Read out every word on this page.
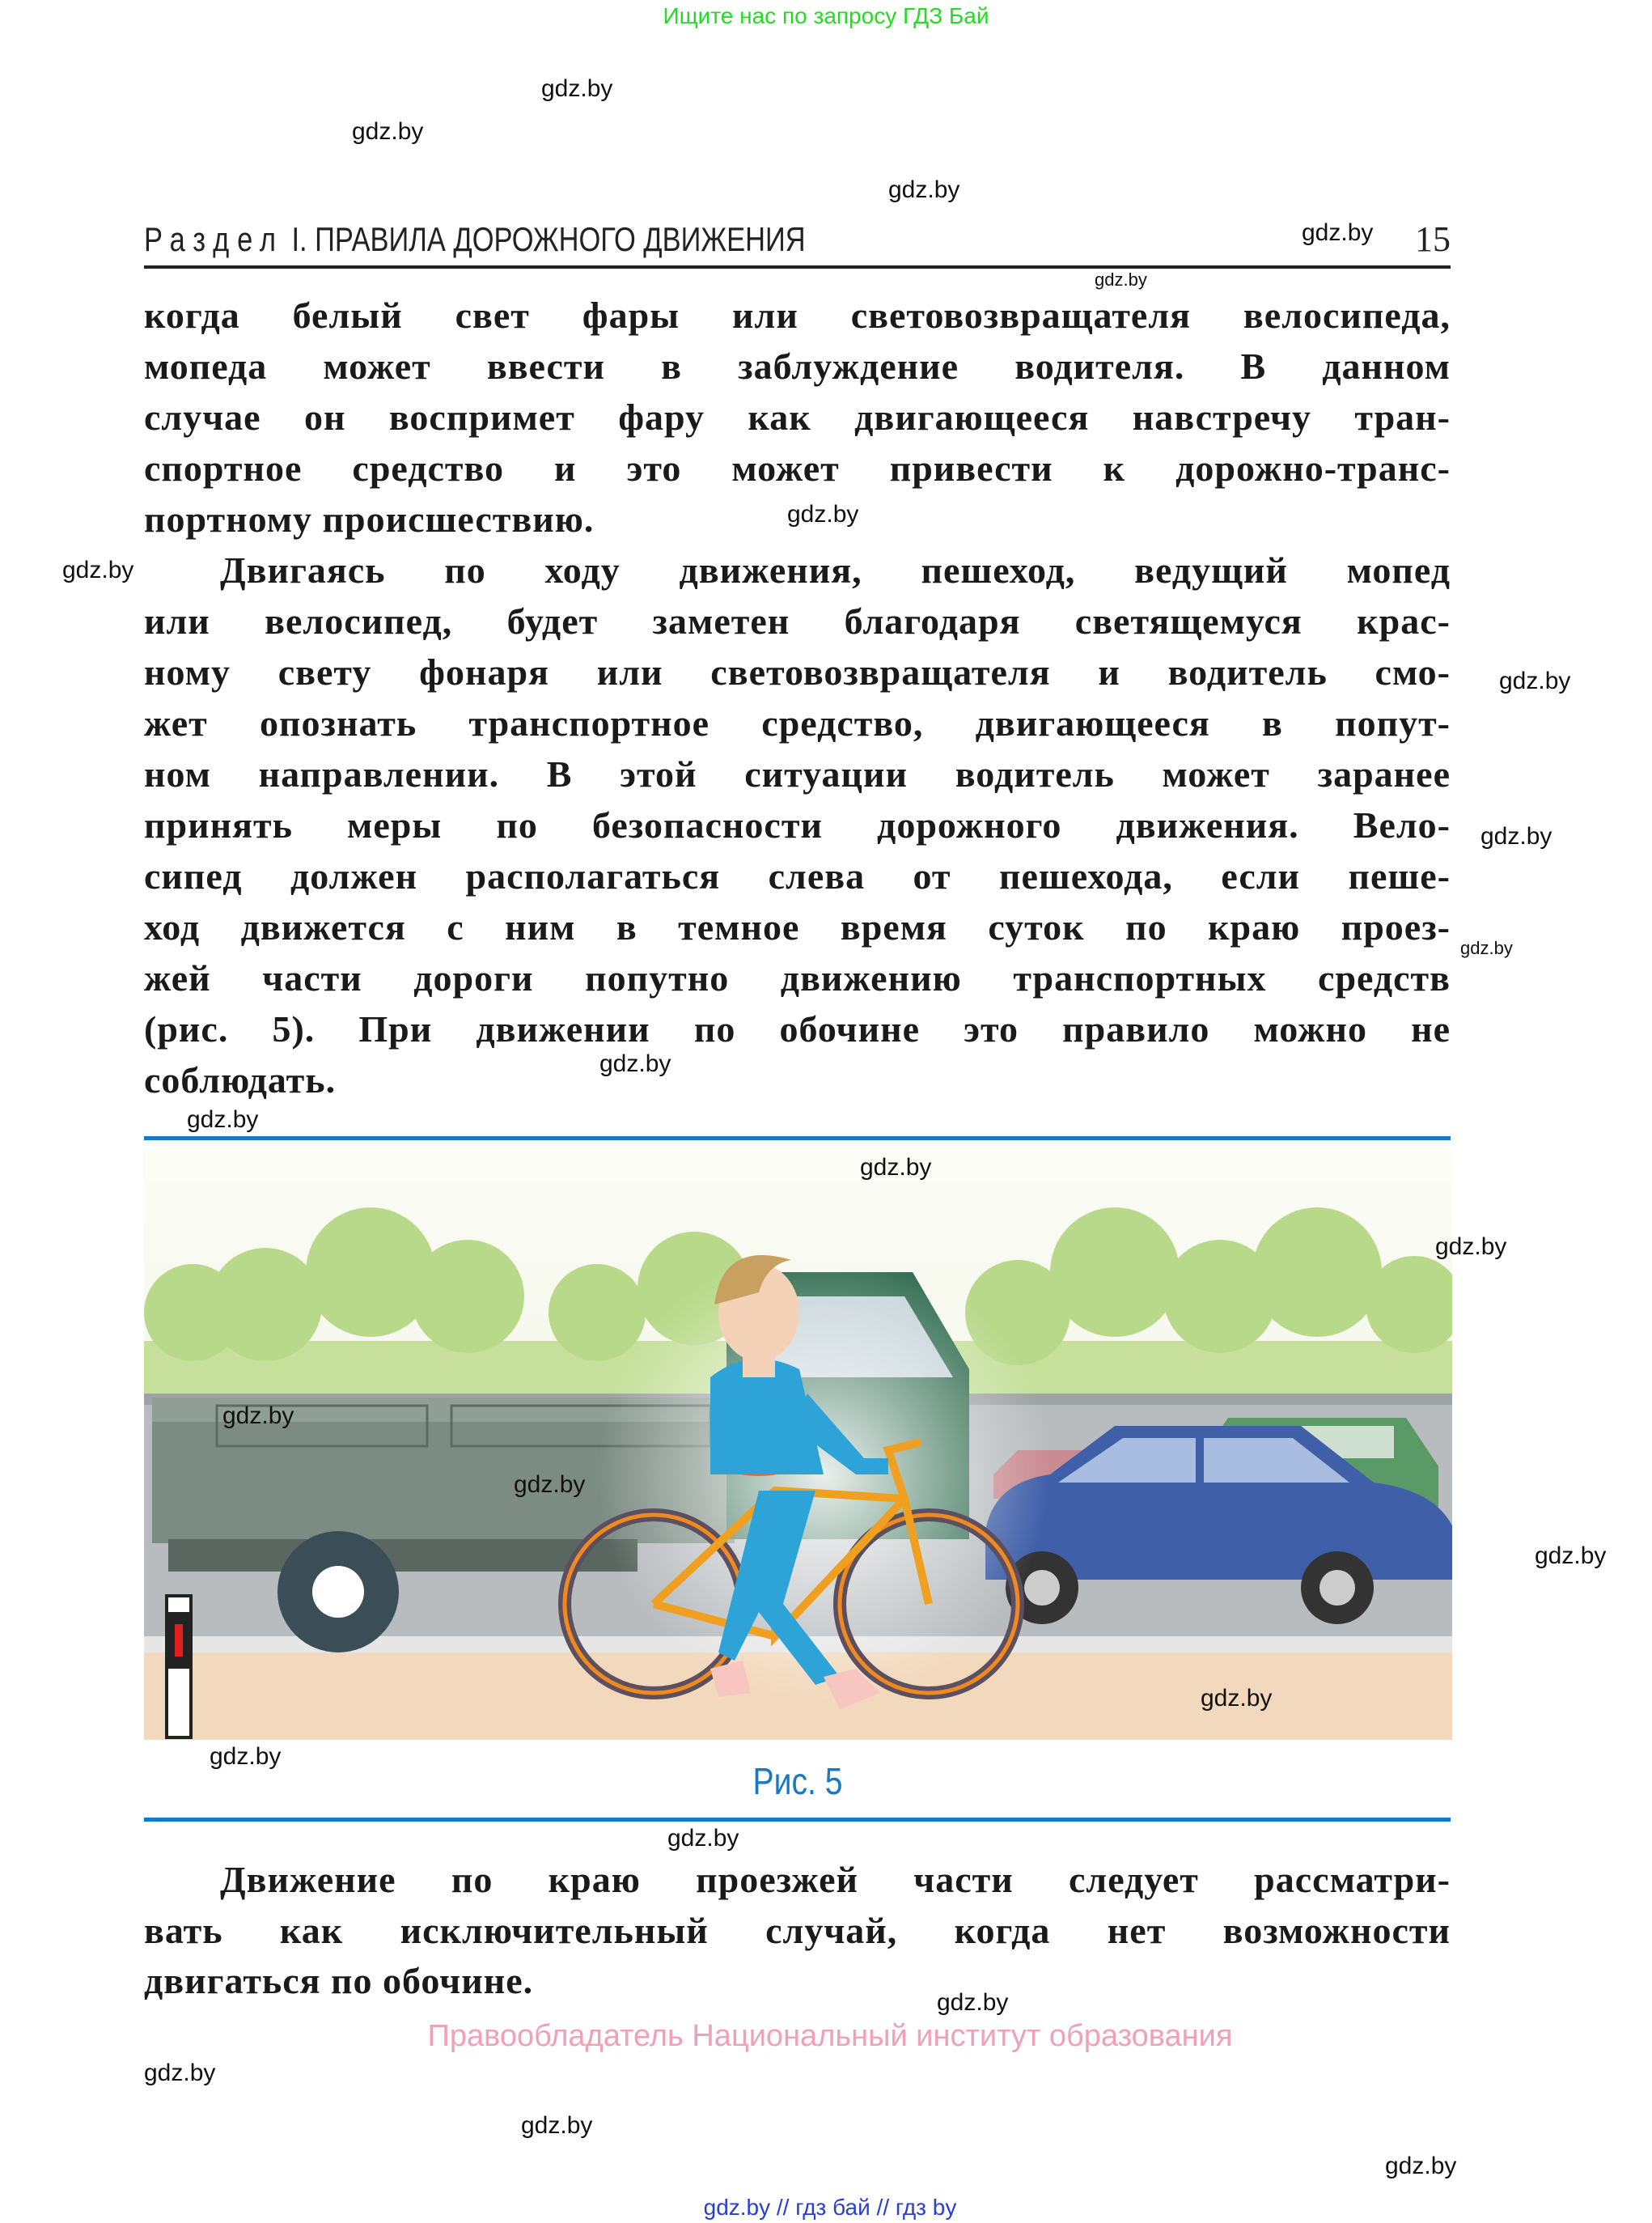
Ищите нас по запросу ГДЗ Бай
Раздел I. ПРАВИЛА ДОРОЖНОГО ДВИЖЕНИЯ	15
когда белый свет фары или световозвращателя велосипеда,
мопеда может ввести в заблуждение водителя. В данном
случае он воспримет фару как двигающееся навстречу тран-
спортное средство и это может привести к дорожно-транс-
портному происшествию.
Двигаясь по ходу движения, пешеход, ведущий мопед
или велосипед, будет заметен благодаря светящемуся крас-
ному свету фонаря или световозвращателя и водитель смо-
жет опознать транспортное средство, двигающееся в попут-
ном направлении. В этой ситуации водитель может заранее
принять меры по безопасности дорожного движения. Вело-
сипед должен располагаться слева от пешехода, если пеше-
ход движется с ним в темное время суток по краю проез-
жей части дороги попутно движению транспортных средств
(рис. 5). При движении по обочине это правило можно не
соблюдать.
Рис. 5
Движение по краю проезжей части следует рассматри-
вать как исключительный случай, когда нет возможности
двигаться по обочине.
Правообладатель Национальный институт образования
gdz.by // гдз бай // гдз by
gdz.by
gdz.by
gdz.by
gdz.by
gdz.by
gdz.by
gdz.by
gdz.by
gdz.by
gdz.by
gdz.by
gdz.by
gdz.by
gdz.by
gdz.by
gdz.by
gdz.by
gdz.by
gdz.by
gdz.by
gdz.by
gdz.by
gdz.by
gdz.by
